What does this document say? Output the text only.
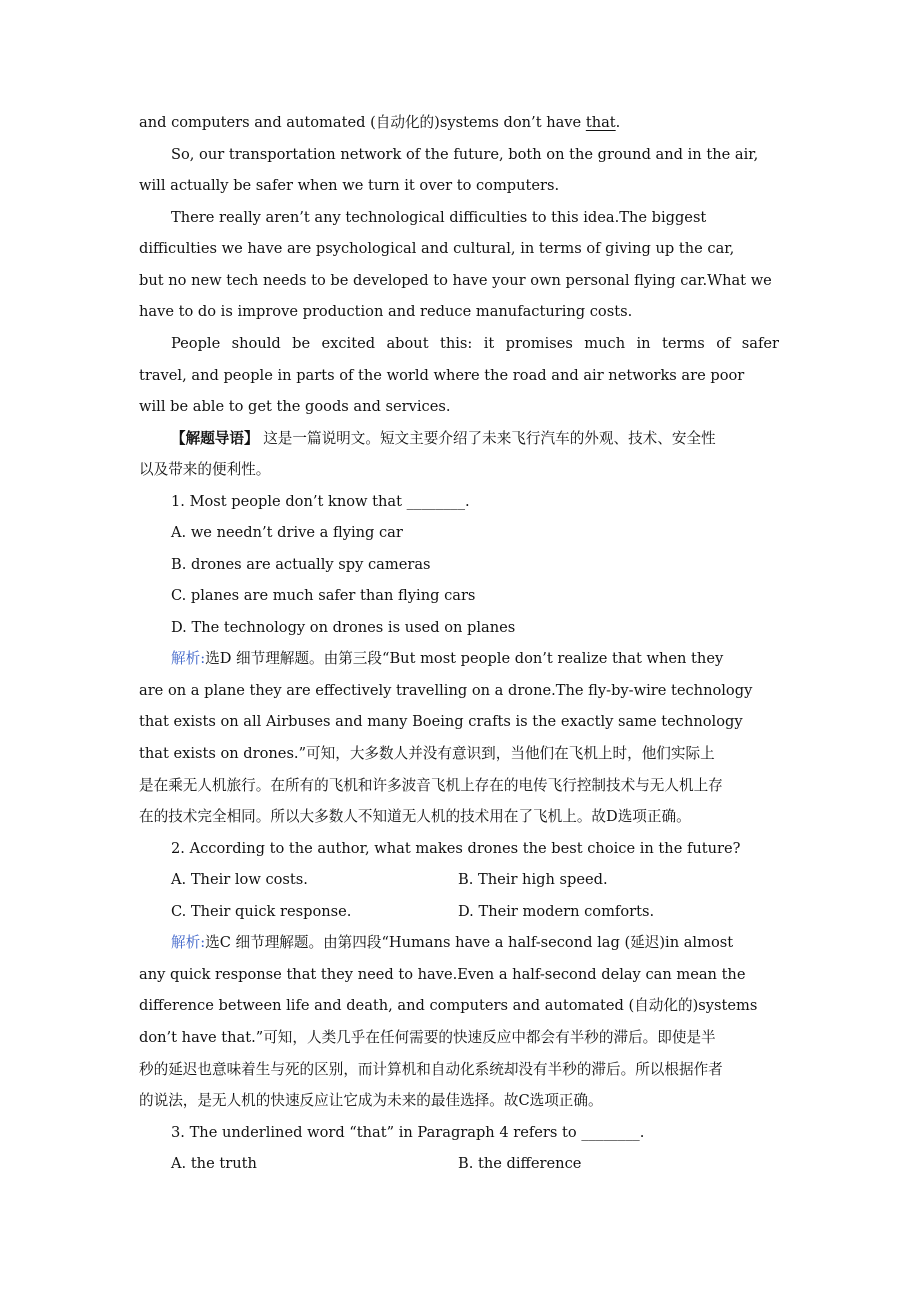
and computers and automated (自动化的)systems don’t have that.
So, our transportation network of the future, both on the ground and in the air,
will actually be safer when we turn it over to computers.
There really aren’t any technological difficulties to this idea.The biggest
difficulties we have are psychological and cultural, in terms of giving up the car,
but no new tech needs to be developed to have your own personal flying car.What we
have to do is improve production and reduce manufacturing costs.
People should be excited about this: it promises much in terms of safer
travel, and people in parts of the world where the road and air networks are poor
will be able to get the goods and services.
【解题导语】 这是一篇说明文。短文主要介绍了未来飞行汽车的外观、技术、安全性
以及带来的便利性。
1. Most people don’t know that ________.
A. we needn’t drive a flying car
B. drones are actually spy cameras
C. planes are much safer than flying cars
D. The technology on drones is used on planes
解析:选D 细节理解题。由第三段“But most people don’t realize that when they
are on a plane they are effectively travelling on a drone.The fly-by-wire technology
that exists on all Airbuses and many Boeing crafts is the exactly same technology
that exists on drones.”可知，大多数人并没有意识到，当他们在飞机上时，他们实际上
是在乘无人机旅行。在所有的飞机和许多波音飞机上存在的电传飞行控制技术与无人机上存
在的技术完全相同。所以大多数人不知道无人机的技术用在了飞机上。故D选项正确。
2. According to the author, what makes drones the best choice in the future?
A. Their low costs.	B. Their high speed.
C. Their quick response.	D. Their modern comforts.
解析:选C 细节理解题。由第四段“Humans have a half-second lag (延迟)in almost
any quick response that they need to have.Even a half-second delay can mean the
difference between life and death, and computers and automated (自动化的)systems
don’t have that.”可知，人类几乎在任何需要的快速反应中都会有半秒的滞后。即使是半
秒的延迟也意味着生与死的区别，而计算机和自动化系统却没有半秒的滞后。所以根据作者
的说法，是无人机的快速反应让它成为未来的最佳选择。故C选项正确。
3. The underlined word “that” in Paragraph 4 refers to ________.
A. the truth	B. the difference
